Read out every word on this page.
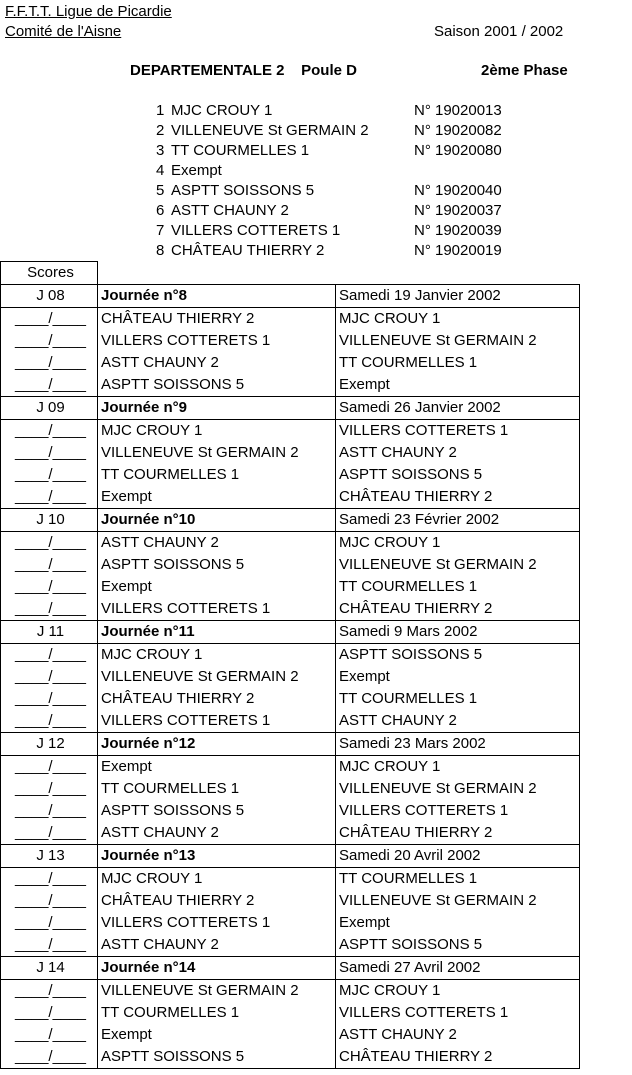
F.F.T.T. Ligue de Picardie
Comité de l'Aisne	Saison 2001 / 2002
DEPARTEMENTALE 2    Poule D	2ème Phase
1 MJC CROUY 1	N° 19020013
2 VILLENEUVE St GERMAIN 2	N° 19020082
3 TT COURMELLES 1	N° 19020080
4 Exempt
5 ASPTT SOISSONS 5	N° 19020040
6 ASTT CHAUNY 2	N° 19020037
7 VILLERS COTTERETS 1	N° 19020039
8 CHÂTEAU THIERRY 2	N° 19020019
Scores		
J 08	Journée n°8	Samedi 19 Janvier 2002
____/____	CHÂTEAU THIERRY 2	MJC CROUY 1
____/____	VILLERS COTTERETS 1	VILLENEUVE St GERMAIN 2
____/____	ASTT CHAUNY 2	TT COURMELLES 1
____/____	ASPTT SOISSONS 5	Exempt
J 09	Journée n°9	Samedi 26 Janvier 2002
____/____	MJC CROUY 1	VILLERS COTTERETS 1
____/____	VILLENEUVE St GERMAIN 2	ASTT CHAUNY 2
____/____	TT COURMELLES 1	ASPTT SOISSONS 5
____/____	Exempt	CHÂTEAU THIERRY 2
J 10	Journée n°10	Samedi 23 Février 2002
____/____	ASTT CHAUNY 2	MJC CROUY 1
____/____	ASPTT SOISSONS 5	VILLENEUVE St GERMAIN 2
____/____	Exempt	TT COURMELLES 1
____/____	VILLERS COTTERETS 1	CHÂTEAU THIERRY 2
J 11	Journée n°11	Samedi 9 Mars 2002
____/____	MJC CROUY 1	ASPTT SOISSONS 5
____/____	VILLENEUVE St GERMAIN 2	Exempt
____/____	CHÂTEAU THIERRY 2	TT COURMELLES 1
____/____	VILLERS COTTERETS 1	ASTT CHAUNY 2
J 12	Journée n°12	Samedi 23 Mars 2002
____/____	Exempt	MJC CROUY 1
____/____	TT COURMELLES 1	VILLENEUVE St GERMAIN 2
____/____	ASPTT SOISSONS 5	VILLERS COTTERETS 1
____/____	ASTT CHAUNY 2	CHÂTEAU THIERRY 2
J 13	Journée n°13	Samedi 20 Avril 2002
____/____	MJC CROUY 1	TT COURMELLES 1
____/____	CHÂTEAU THIERRY 2	VILLENEUVE St GERMAIN 2
____/____	VILLERS COTTERETS 1	Exempt
____/____	ASTT CHAUNY 2	ASPTT SOISSONS 5
J 14	Journée n°14	Samedi 27 Avril 2002
____/____	VILLENEUVE St GERMAIN 2	MJC CROUY 1
____/____	TT COURMELLES 1	VILLERS COTTERETS 1
____/____	Exempt	ASTT CHAUNY 2
____/____	ASPTT SOISSONS 5	CHÂTEAU THIERRY 2
